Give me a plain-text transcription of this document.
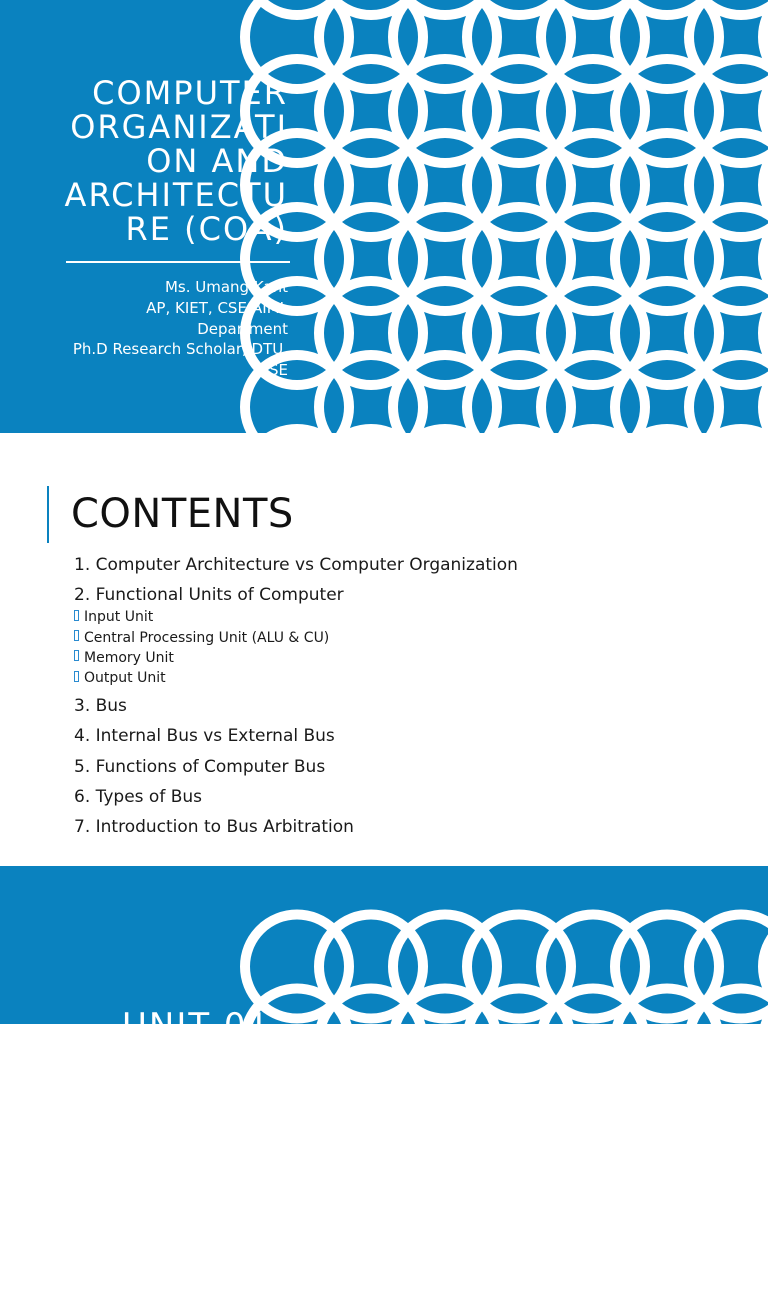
COMPUTER
ORGANIZATI
ON AND
ARCHITECTU
RE (COA)
Ms. Umang Kant
AP, KIET, CSE-AIML
Department
Ph.D Research Scholar, DTU,
CSE
CONTENTS
1. Computer Architecture vs Computer Organization
2. Functional Units of Computer
Input Unit
Central Processing Unit (ALU & CU)
Memory Unit
Output Unit
3. Bus
4. Internal Bus vs External Bus
5. Functions of Computer Bus
6. Types of Bus
7. Introduction to Bus Arbitration
UNIT 01
